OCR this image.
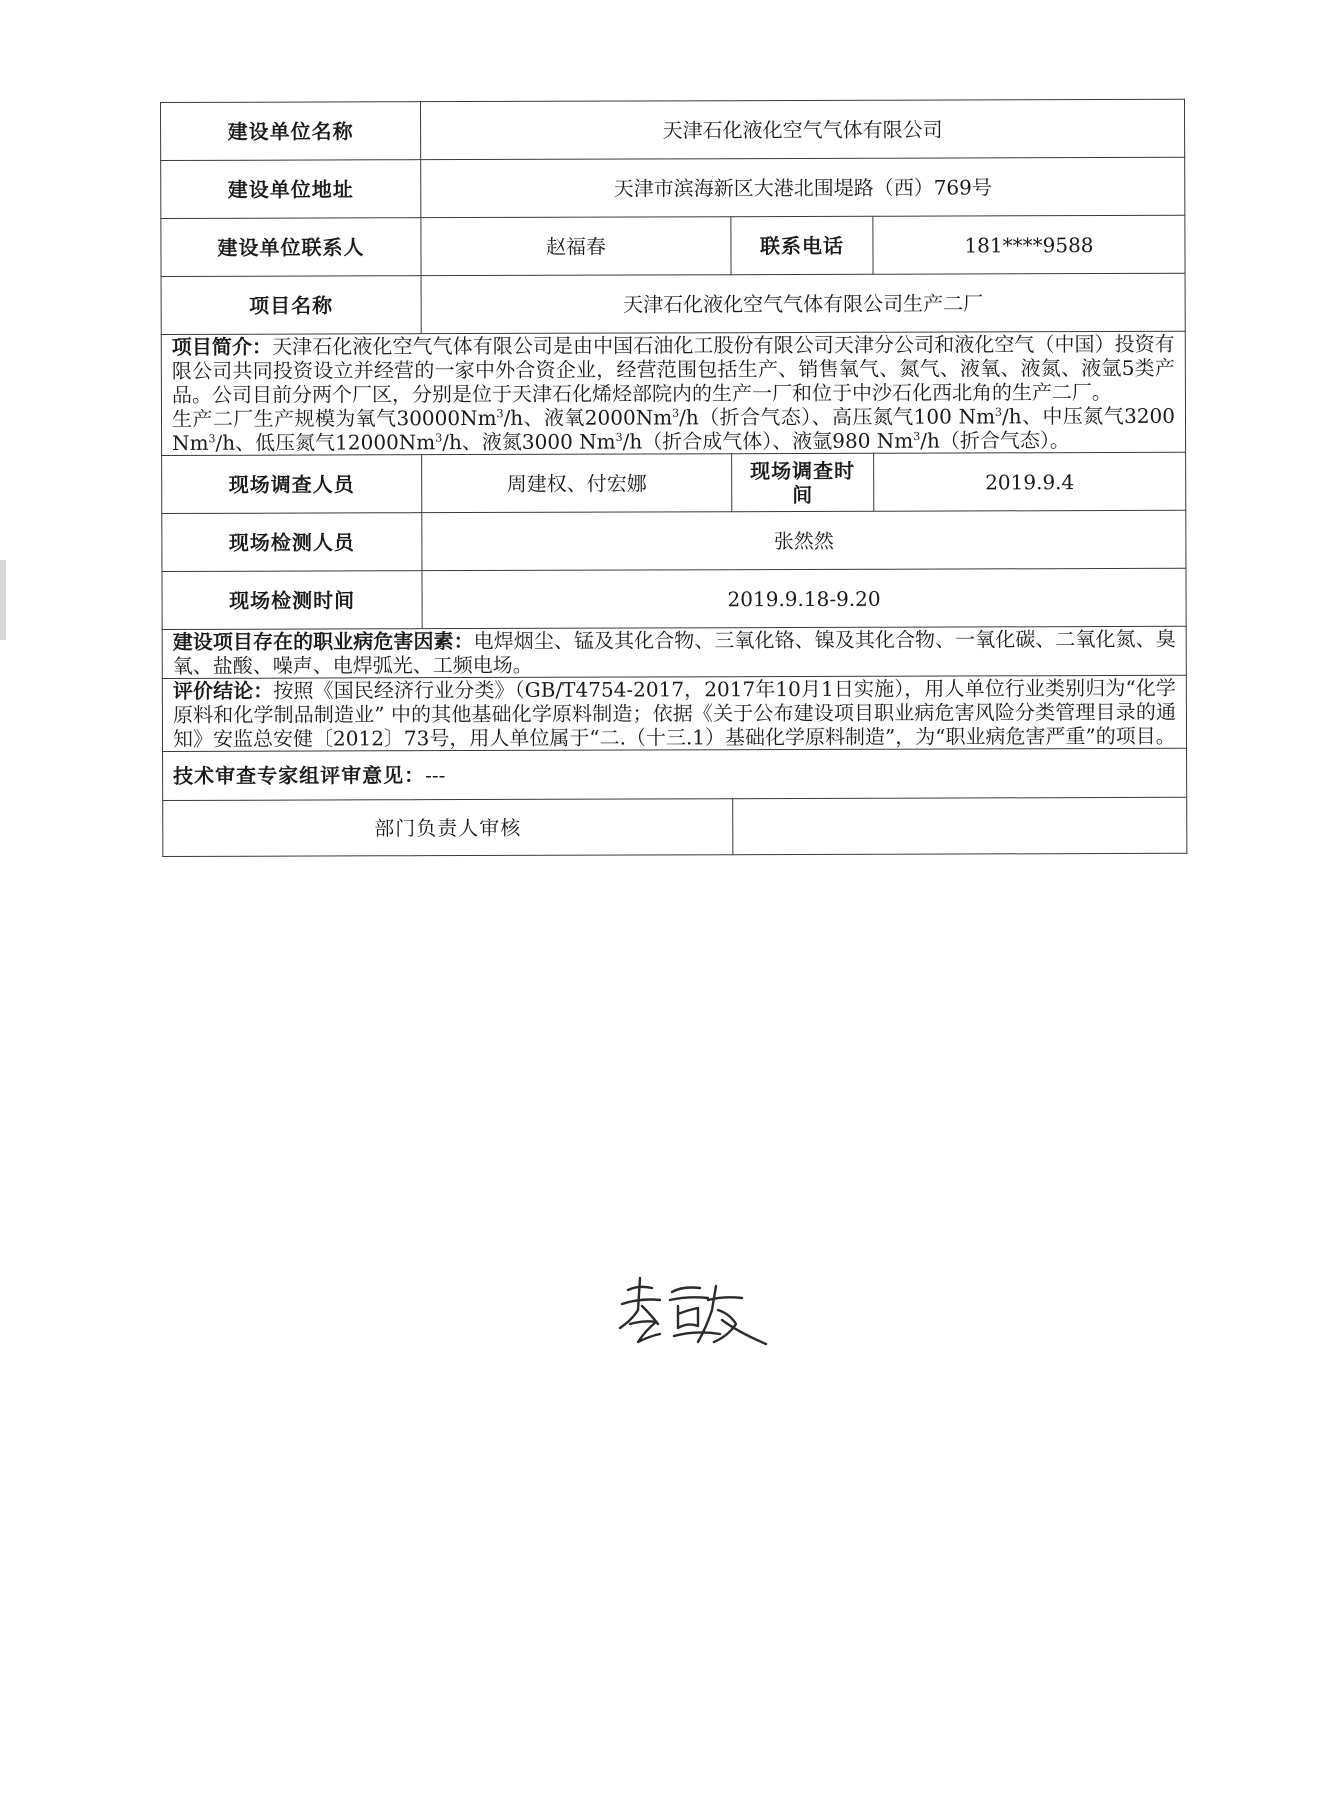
建设单位名称	天津石化液化空气气体有限公司		
建设单位地址	天津市滨海新区大港北围堤路（西）769号		
建设单位联系人	赵福春	联系电话	181****9588
项目名称	天津石化液化空气气体有限公司生产二厂		

项目简介：天津石化液化空气气体有限公司是由中国石油化工股份有限公司天津分公司和液化空气（中国）投资有限公司共同投资设立并经营的一家中外合资企业，经营范围包括生产、销售氧气、氮气、液氧、液氮、液氩5类产品。公司目前分两个厂区，分别是位于天津石化烯烃部院内的生产一厂和位于中沙石化西北角的生产二厂。

生产二厂生产规模为氧气30000Nm$^3$/h、液氧2000Nm$^3$/h（折合气态）、高压氮气100 Nm$^3$/h、中压氮气3200 Nm$^3$/h、低压氮气12000Nm$^3$/h、液氮3000 Nm$^3$/h（折合成气体）、液氩980 Nm$^3$/h（折合气态）。			

现场调查人员	周建权、付宏娜	现场调查时间	2019.9.4
现场检测人员	张然然		
现场检测时间	2019.9.18-9.20		

建设项目存在的职业病危害因素：电焊烟尘、锰及其化合物、三氧化铬、镍及其化合物、一氧化碳、二氧化氮、臭氧、盐酸、噪声、电焊弧光、工频电场。			

评价结论：按照《国民经济行业分类》（GB/T4754-2017，2017年10月1日实施），用人单位行业类别归为“化学原料和化学制品制造业” 中的其他基础化学原料制造；依据《关于公布建设项目职业病危害风险分类管理目录的通知》安监总安健〔2012〕73号，用人单位属于“二.（十三.1）基础化学原料制造”，为“职业病危害严重”的项目。			

技术审查专家组评审意见：---			
部门负责人审核			
